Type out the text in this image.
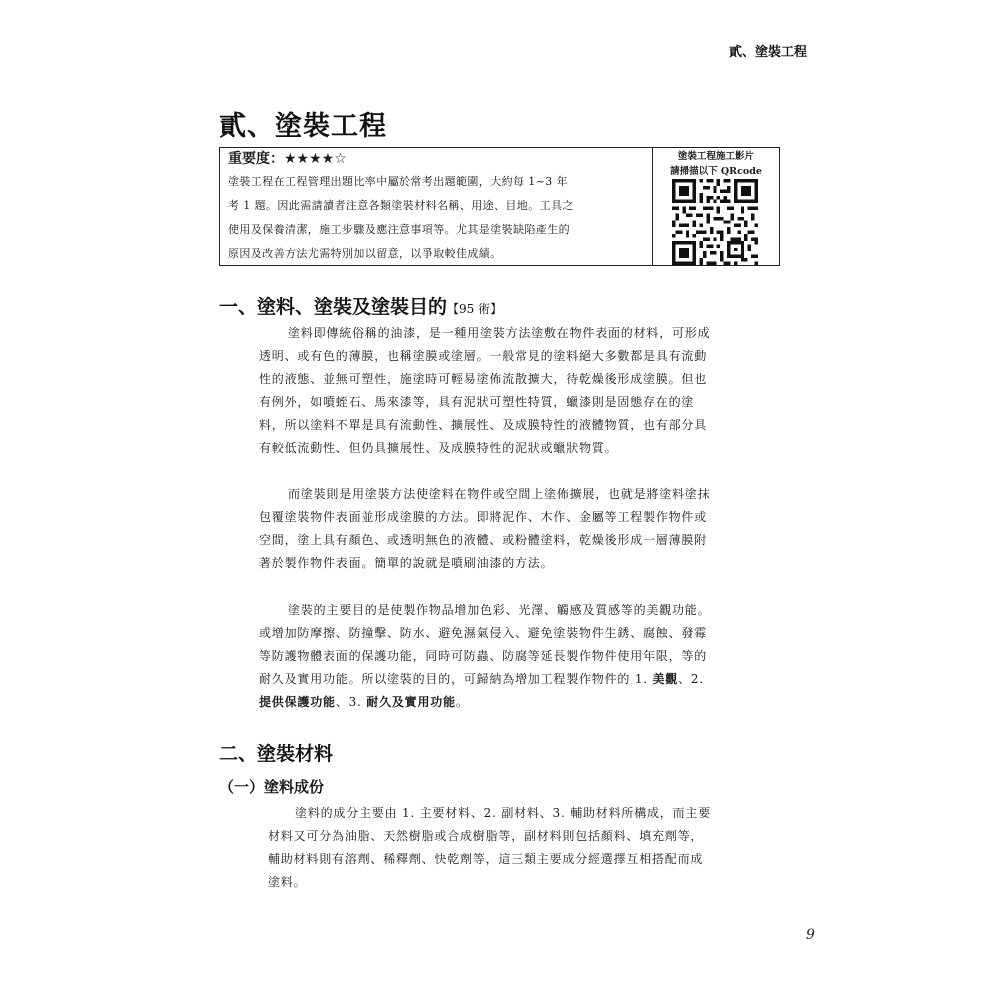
貳、塗裝工程
貳、塗裝工程
重要度：★★★★☆
塗裝工程在工程管理出題比率中屬於常考出題範圍，大約每 1~3 年
考 1 題。因此需請讀者注意各類塗裝材料名稱、用途、目地。工具之
使用及保養清潔，施工步驟及應注意事項等。尤其是塗裝缺陷產生的
原因及改善方法尤需特別加以留意，以爭取較佳成績。
塗裝工程施工影片
請掃描以下 QRcode
一、塗料、塗裝及塗裝目的【95 術】
塗料即傳統俗稱的油漆，是一種用塗裝方法塗敷在物件表面的材料，可形成
透明、或有色的薄膜，也稱塗膜或塗層。一般常見的塗料絕大多數都是具有流動
性的液態、並無可塑性，施塗時可輕易塗佈流散擴大，待乾燥後形成塗膜。但也
有例外，如噴蛭石、馬來漆等，具有泥狀可塑性特質，蠟漆則是固態存在的塗
料，所以塗料不單是具有流動性、擴展性、及成膜特性的液體物質，也有部分具
有較低流動性、但仍具擴展性、及成膜特性的泥狀或蠟狀物質。
而塗裝則是用塗裝方法使塗料在物件或空間上塗佈擴展，也就是將塗料塗抹
包覆塗裝物件表面並形成塗膜的方法。即將泥作、木作、金屬等工程製作物件或
空間，塗上具有顏色、或透明無色的液體、或粉體塗料，乾燥後形成一層薄膜附
著於製作物件表面。簡單的說就是噴刷油漆的方法。
塗裝的主要目的是使製作物品增加色彩、光澤、觸感及質感等的美觀功能。
或增加防摩擦、防撞擊、防水、避免濕氣侵入、避免塗裝物件生銹、腐蝕、發霉
等防護物體表面的保護功能，同時可防蟲、防腐等延長製作物件使用年限，等的
耐久及實用功能。所以塗裝的目的，可歸納為增加工程製作物件的 1. 美觀、2.
提供保護功能、3. 耐久及實用功能。
二、塗裝材料
（一）塗料成份
塗料的成分主要由 1. 主要材料、2. 副材料、3. 輔助材料所構成，而主要
材料又可分為油脂、天然樹脂或合成樹脂等，副材料則包括顏料、填充劑等，
輔助材料則有溶劑、稀釋劑、快乾劑等，這三類主要成分經選擇互相搭配而成
塗料。
9
